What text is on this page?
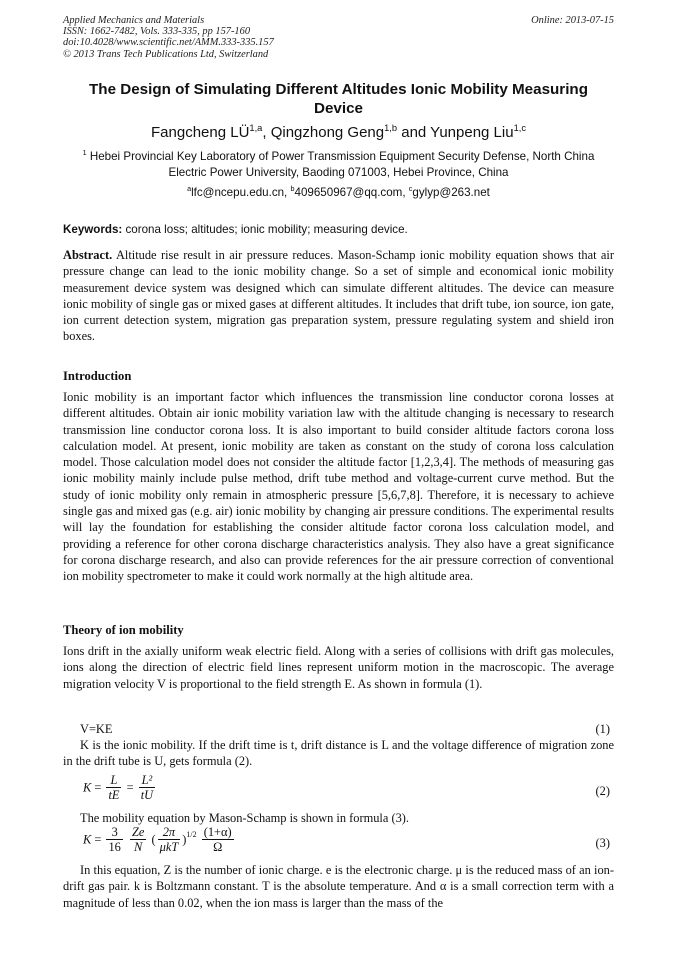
Applied Mechanics and Materials
ISSN: 1662-7482, Vols. 333-335, pp 157-160
doi:10.4028/www.scientific.net/AMM.333-335.157
© 2013 Trans Tech Publications Ltd, Switzerland
Online: 2013-07-15
The Design of Simulating Different Altitudes Ionic Mobility Measuring Device
Fangcheng LÜ$^{1,a}$, Qingzhong Geng$^{1,b}$ and Yunpeng Liu$^{1,c}$
$^1$ Hebei Provincial Key Laboratory of Power Transmission Equipment Security Defense, North China
Electric Power University, Baoding 071003, Hebei Province, China
$^a$lfc@ncepu.edu.cn, $^b$409650967@qq.com, $^c$gylyp@263.net
Keywords: corona loss; altitudes; ionic mobility; measuring device.
Abstract. Altitude rise result in air pressure reduces. Mason-Schamp ionic mobility equation shows that air pressure change can lead to the ionic mobility change. So a set of simple and economical ionic mobility measurement device system was designed which can simulate different altitudes. The device can measure ionic mobility of single gas or mixed gases at different altitudes. It includes that drift tube, ion source, ion gate, ion current detection system, migration gas preparation system, pressure regulating system and shield iron boxes.
Introduction
Ionic mobility is an important factor which influences the transmission line conductor corona losses at different altitudes. Obtain air ionic mobility variation law with the altitude changing is necessary to research transmission line conductor corona loss. It is also important to build consider altitude factors corona loss calculation model. At present, ionic mobility are taken as constant on the study of corona loss calculation model. Those calculation model does not consider the altitude factor [1,2,3,4]. The methods of measuring gas ionic mobility mainly include pulse method, drift tube method and voltage-current curve method. But the study of ionic mobility only remain in atmospheric pressure [5,6,7,8]. Therefore, it is necessary to achieve single gas and mixed gas (e.g. air) ionic mobility by changing air pressure conditions. The experimental results will lay the foundation for establishing the consider altitude factor corona loss calculation model, and providing a reference for other corona discharge characteristics analysis. They also have a great significance for corona discharge research, and also can provide references for the air pressure correction of conventional ion mobility spectrometer to make it could work normally at the high altitude area.
Theory of ion mobility
Ions drift in the axially uniform weak electric field. Along with a series of collisions with drift gas molecules, ions along the direction of electric field lines represent uniform motion in the macroscopic. The average migration velocity V is proportional to the field strength E. As shown in formula (1).
V=KE	(1)
K is the ionic mobility. If the drift time is t, drift distance is L and the voltage difference of migration zone in the drift tube is U, gets formula (2).
$K = \frac{L}{tE} = \frac{\text{L²}}{tU}$	(2)
The mobility equation by Mason-Schamp is shown in formula (3).
$K = \frac{3}{16}$
$\frac{Ze}{N}$ ( $\frac{2\pi}{\text{μkT}} )^{1/2} \frac{(1+\alpha)}{\Omega}$	(3)
In this equation, Z is the number of ionic charge. e is the electronic charge. μ is the reduced mass of an ion-drift gas pair. k is Boltzmann constant. T is the absolute temperature. And α is a small correction term with a magnitude of less than 0.02, when the ion mass is larger than the mass of the
